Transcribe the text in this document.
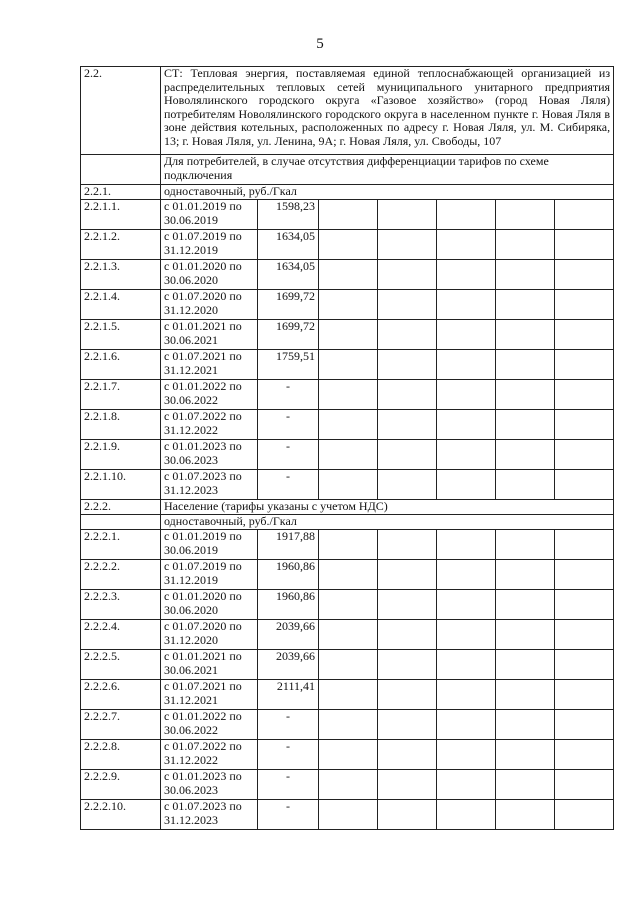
5
2.2.	СТ: Тепловая энергия, поставляемая единой теплоснабжающей организацией из распределительных тепловых сетей муниципального унитарного предприятия Новолялинского городского округа «Газовое хозяйство» (город Новая Ляля) потребителям Новолялинского городского округа в населенном пункте г. Новая Ляля в зоне действия котельных, расположенных по адресу г. Новая Ляля, ул. М. Сибиряка, 13; г. Новая Ляля, ул. Ленина, 9А; г. Новая Ляля, ул. Свободы, 107						
	Для потребителей, в случае отсутствия дифференциации тарифов по схеме подключения						
2.2.1.	одноставочный, руб./Гкал						
2.2.1.1.	с 01.01.2019 по 30.06.2019	1598,23					
2.2.1.2.	с 01.07.2019 по 31.12.2019	1634,05					
2.2.1.3.	с 01.01.2020 по 30.06.2020	1634,05					
2.2.1.4.	с 01.07.2020 по 31.12.2020	1699,72					
2.2.1.5.	с 01.01.2021 по 30.06.2021	1699,72					
2.2.1.6.	с 01.07.2021 по 31.12.2021	1759,51					
2.2.1.7.	с 01.01.2022 по 30.06.2022	-					
2.2.1.8.	с 01.07.2022 по 31.12.2022	-					
2.2.1.9.	с 01.01.2023 по 30.06.2023	-					
2.2.1.10.	с 01.07.2023 по 31.12.2023	-					
2.2.2.	Население (тарифы указаны с учетом НДС)						
	одноставочный, руб./Гкал						
2.2.2.1.	с 01.01.2019 по 30.06.2019	1917,88					
2.2.2.2.	с 01.07.2019 по 31.12.2019	1960,86					
2.2.2.3.	с 01.01.2020 по 30.06.2020	1960,86					
2.2.2.4.	с 01.07.2020 по 31.12.2020	2039,66					
2.2.2.5.	с 01.01.2021 по 30.06.2021	2039,66					
2.2.2.6.	с 01.07.2021 по 31.12.2021	2111,41					
2.2.2.7.	с 01.01.2022 по 30.06.2022	-					
2.2.2.8.	с 01.07.2022 по 31.12.2022	-					
2.2.2.9.	с 01.01.2023 по 30.06.2023	-					
2.2.2.10.	с 01.07.2023 по 31.12.2023	-					
